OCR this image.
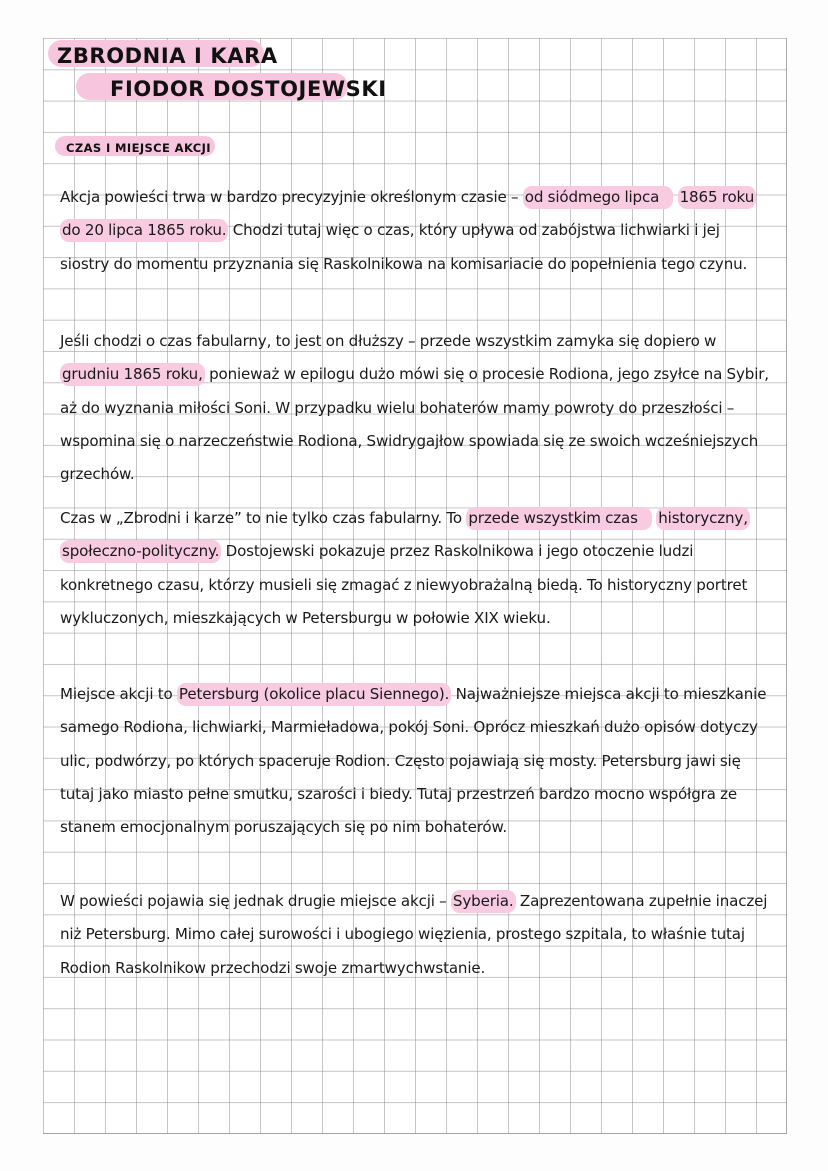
ZBRODNIA I KARA
FIODOR DOSTOJEWSKI
CZAS I MIEJSCE AKCJI

Akcja powieści trwa w bardzo precyzyjnie określonym czasie – od siódmego lipca 1865 roku do 20 lipca 1865 roku. Chodzi tutaj więc o czas, który upływa od zabójstwa lichwiarki i jej siostry do momentu przyznania się Raskolnikowa na komisariacie do popełnienia tego czynu.

Jeśli chodzi o czas fabularny, to jest on dłuższy – przede wszystkim zamyka się dopiero w grudniu 1865 roku, ponieważ w epilogu dużo mówi się o procesie Rodiona, jego zsyłce na Sybir, aż do wyznania miłości Soni. W przypadku wielu bohaterów mamy powroty do przeszłości – wspomina się o narzeczeństwie Rodiona, Swidrygajłow spowiada się ze swoich wcześniejszych grzechów.

Czas w „Zbrodni i karze” to nie tylko czas fabularny. To przede wszystkim czas historyczny, społeczno-polityczny. Dostojewski pokazuje przez Raskolnikowa i jego otoczenie ludzi konkretnego czasu, którzy musieli się zmagać z niewyobrażalną biedą. To historyczny portret wykluczonych, mieszkających w Petersburgu w połowie XIX wieku.

Miejsce akcji to Petersburg (okolice placu Siennego). Najważniejsze miejsca akcji to mieszkanie samego Rodiona, lichwiarki, Marmieładowa, pokój Soni. Oprócz mieszkań dużo opisów dotyczy ulic, podwórzy, po których spaceruje Rodion. Często pojawiają się mosty. Petersburg jawi się tutaj jako miasto pełne smutku, szarości i biedy. Tutaj przestrzeń bardzo mocno współgra ze stanem emocjonalnym poruszających się po nim bohaterów.

W powieści pojawia się jednak drugie miejsce akcji – Syberia. Zaprezentowana zupełnie inaczej niż Petersburg. Mimo całej surowości i ubogiego więzienia, prostego szpitala, to właśnie tutaj Rodion Raskolnikow przechodzi swoje zmartwychwstanie.
